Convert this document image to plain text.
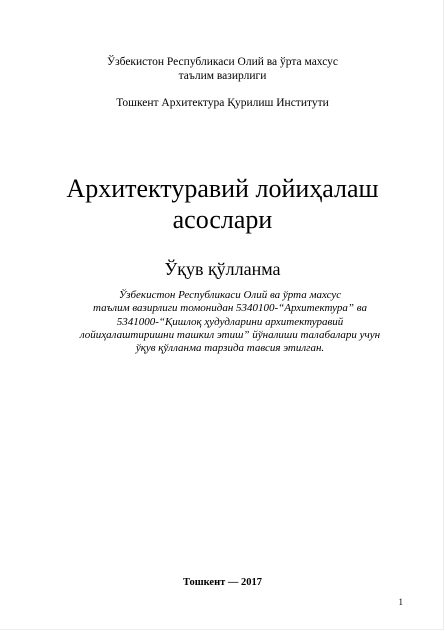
Ўзбекистон Республикаси Олий ва ўрта махсус
таълим вазирлиги
Тошкент Архитектура Қурилиш Институти
Архитектуравий лойиҳалаш
асослари
Ўқув қўлланма
Ўзбекистон Республикаси Олий ва ўрта махсус
таълим вазирлиги томонидан 5340100-“Архитектура” ва
5341000-“Қишлоқ ҳудудларини архитектуравий
лойиҳалаштиришни ташкил этиш” йўналиши талабалари учун
ўқув қўлланма тарзида тавсия этилган.
Тошкент — 2017
1
